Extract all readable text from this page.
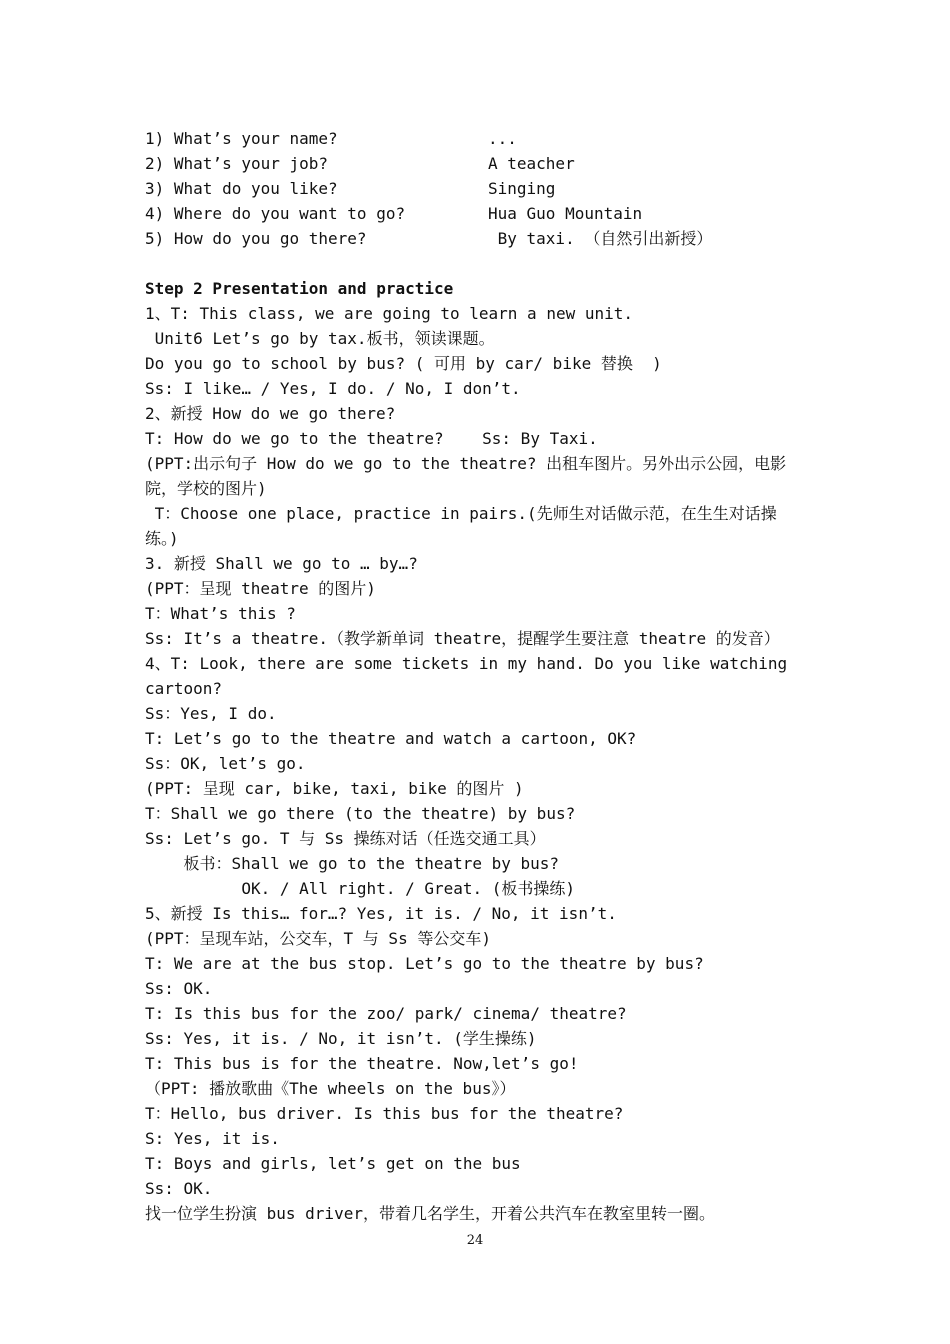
1) What’s your name?	...
2) What’s your job?	A teacher
3) What do you like?	Singing
4) Where do you want to go?	Hua Guo Mountain
5) How do you go there?	By taxi. （自然引出新授）
Step 2 Presentation and practice
1、T: This class, we are going to learn a new unit.
Unit6 Let’s go by tax.板书，领读课题。
Do you go to school by bus? ( 可用 by car/ bike 替换  )
Ss: I like… / Yes, I do. / No, I don’t.
2、新授 How do we go there?
T: How do we go to the theatre?    Ss: By Taxi.
(PPT:出示句子 How do we go to the theatre? 出租车图片。另外出示公园，电影院，学校的图片)
T：Choose one place, practice in pairs.(先师生对话做示范，在生生对话操练。)
3. 新授 Shall we go to … by…?
(PPT：呈现 theatre 的图片)
T：What’s this ?
Ss: It’s a theatre.（教学新单词 theatre，提醒学生要注意 theatre 的发音）
4、T: Look, there are some tickets in my hand. Do you like watching cartoon?
Ss：Yes, I do.
T: Let’s go to the theatre and watch a cartoon, OK?
Ss：OK, let’s go.
(PPT: 呈现 car, bike, taxi, bike 的图片 )
T：Shall we go there (to the theatre) by bus?
Ss: Let’s go. T 与 Ss 操练对话（任选交通工具）
板书：Shall we go to the theatre by bus?
OK. / All right. / Great. (板书操练)
5、新授 Is this… for…? Yes, it is. / No, it isn’t.
(PPT：呈现车站，公交车，T 与 Ss 等公交车)
T: We are at the bus stop. Let’s go to the theatre by bus?
Ss: OK.
T: Is this bus for the zoo/ park/ cinema/ theatre?
Ss: Yes, it is. / No, it isn’t. (学生操练)
T: This bus is for the theatre. Now,let’s go!
（PPT: 播放歌曲《The wheels on the bus》）
T：Hello, bus driver. Is this bus for the theatre?
S: Yes, it is.
T: Boys and girls, let’s get on the bus
Ss: OK.
找一位学生扮演 bus driver，带着几名学生，开着公共汽车在教室里转一圈。
24
